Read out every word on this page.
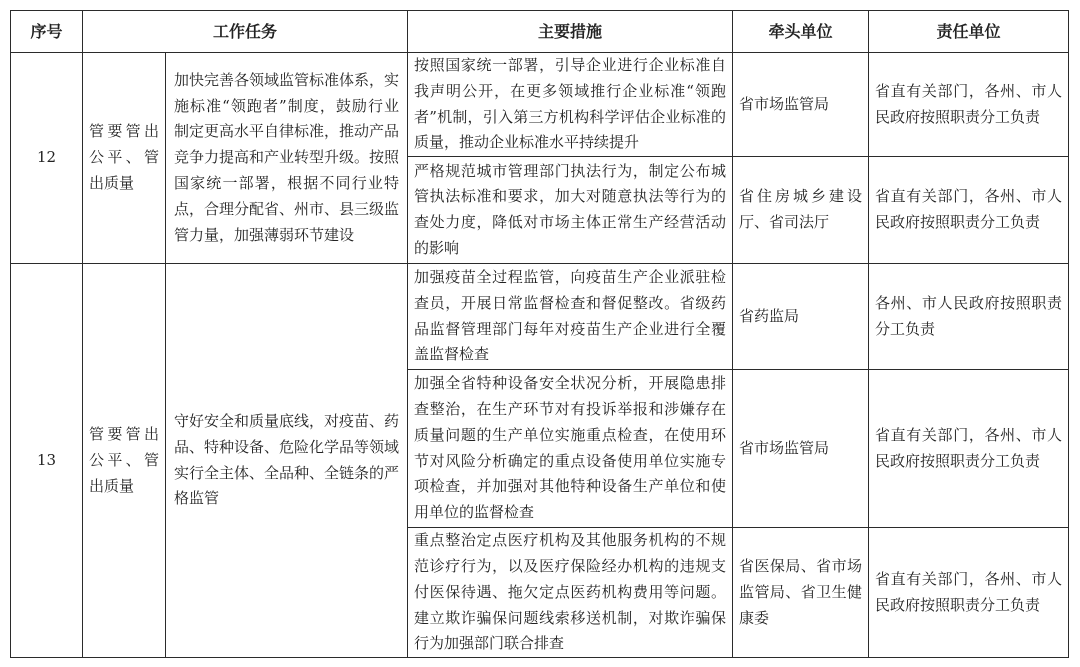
序号	工作任务		主要措施	牵头单位	责任单位
12	管要管出公平、管出质量	加快完善各领域监管标准体系，实施标准“领跑者”制度，鼓励行业制定更高水平自律标准，推动产品竞争力提高和产业转型升级。按照国家统一部署，根据不同行业特点，合理分配省、州市、县三级监管力量，加强薄弱环节建设	按照国家统一部署，引导企业进行企业标准自我声明公开，在更多领域推行企业标准“领跑者”机制，引入第三方机构科学评估企业标准的质量，推动企业标准水平持续提升	省市场监管局	省直有关部门，各州、市人民政府按照职责分工负责
			严格规范城市管理部门执法行为，制定公布城管执法标准和要求，加大对随意执法等行为的查处力度，降低对市场主体正常生产经营活动的影响	省住房城乡建设厅、省司法厅	省直有关部门，各州、市人民政府按照职责分工负责
13	管要管出公平、管出质量	守好安全和质量底线，对疫苗、药品、特种设备、危险化学品等领域实行全主体、全品种、全链条的严格监管	加强疫苗全过程监管，向疫苗生产企业派驻检查员，开展日常监督检查和督促整改。省级药品监督管理部门每年对疫苗生产企业进行全覆盖监督检查	省药监局	各州、市人民政府按照职责分工负责
			加强全省特种设备安全状况分析，开展隐患排查整治，在生产环节对有投诉举报和涉嫌存在质量问题的生产单位实施重点检查，在使用环节对风险分析确定的重点设备使用单位实施专项检查，并加强对其他特种设备生产单位和使用单位的监督检查	省市场监管局	省直有关部门，各州、市人民政府按照职责分工负责
			重点整治定点医疗机构及其他服务机构的不规范诊疗行为，以及医疗保险经办机构的违规支付医保待遇、拖欠定点医药机构费用等问题。建立欺诈骗保问题线索移送机制，对欺诈骗保行为加强部门联合排查	省医保局、省市场监管局、省卫生健康委	省直有关部门，各州、市人民政府按照职责分工负责
